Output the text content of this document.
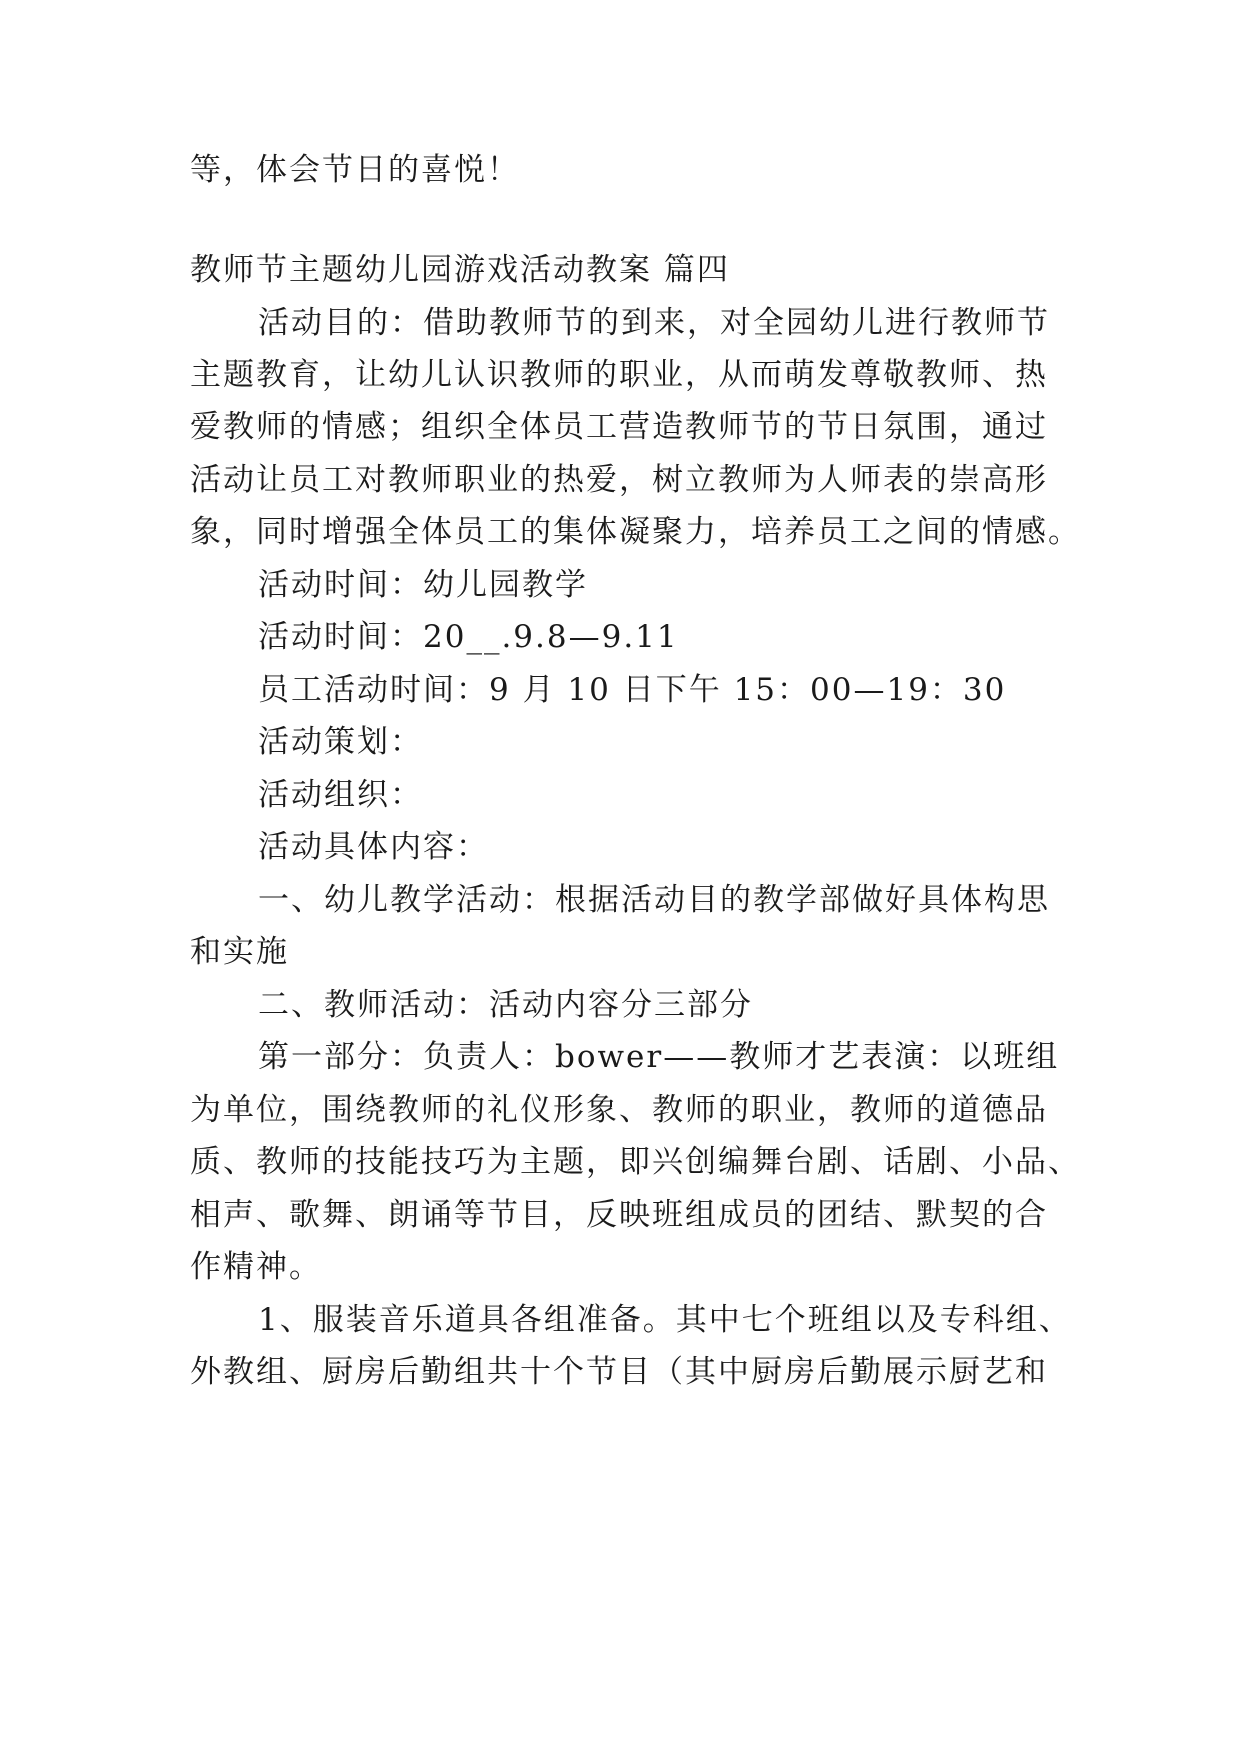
等，体会节日的喜悦！
教师节主题幼儿园游戏活动教案 篇四
活动目的：借助教师节的到来，对全园幼儿进行教师节
主题教育，让幼儿认识教师的职业，从而萌发尊敬教师、热
爱教师的情感；组织全体员工营造教师节的节日氛围，通过
活动让员工对教师职业的热爱，树立教师为人师表的崇高形
象，同时增强全体员工的集体凝聚力，培养员工之间的情感。
活动时间：幼儿园教学
活动时间：20__.9.8—9.11
员工活动时间：9 月 10 日下午 15：00—19：30
活动策划：
活动组织：
活动具体内容：
一、幼儿教学活动：根据活动目的教学部做好具体构思
和实施
二、教师活动：活动内容分三部分
第一部分：负责人：bower——教师才艺表演：以班组
为单位，围绕教师的礼仪形象、教师的职业，教师的道德品
质、教师的技能技巧为主题，即兴创编舞台剧、话剧、小品、
相声、歌舞、朗诵等节目，反映班组成员的团结、默契的合
作精神。
1、服装音乐道具各组准备。其中七个班组以及专科组、
外教组、厨房后勤组共十个节目（其中厨房后勤展示厨艺和
